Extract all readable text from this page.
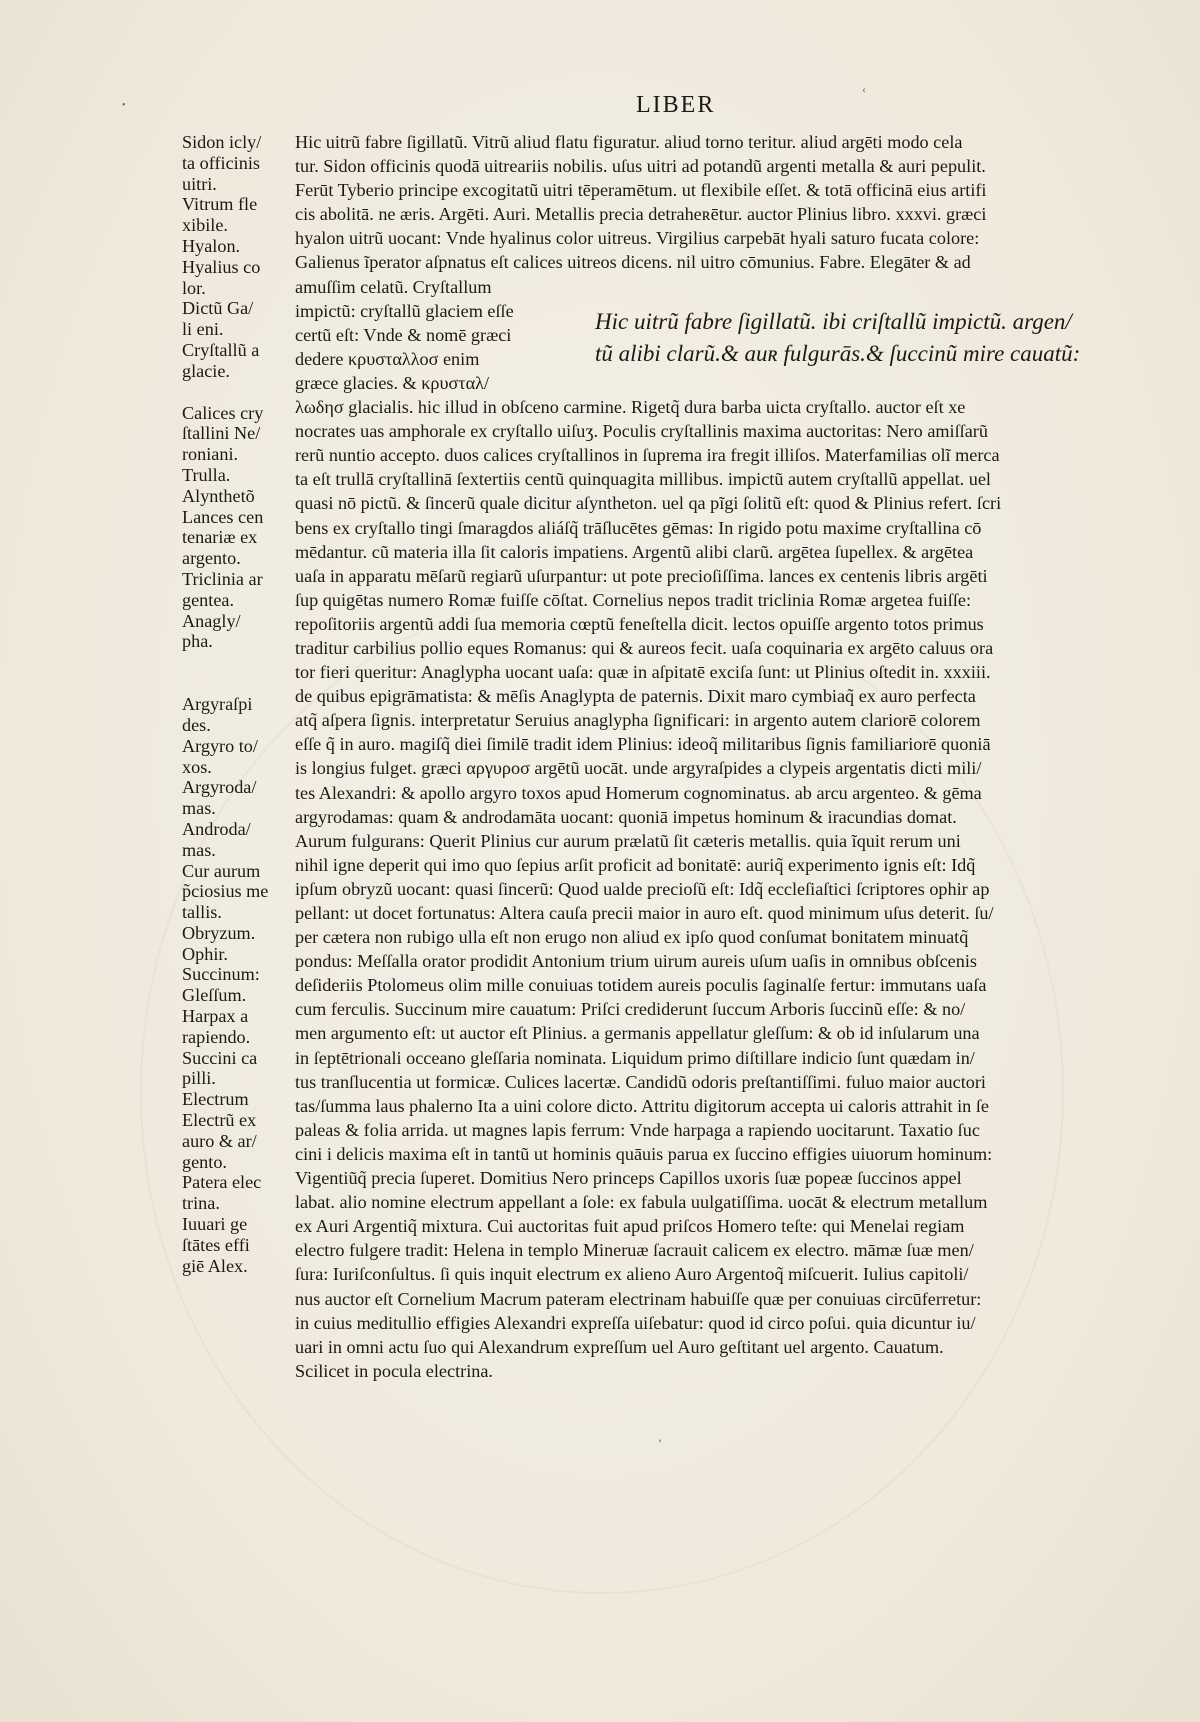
•
‹
LIBER
Sidon icly/
ta officinis
uitri.
Vitrum fle
xibile.
Hyalon.
Hyalius co
lor.
Dictũ Ga/
li eni.
Cryſtallũ a
glacie.
Calices cry
ſtallini Ne/
roniani.
Trulla.
Alynthetõ
Lances cen
tenariæ ex
argento.
Triclinia ar
gentea.
Anagly/
pha.
Argyraſpi
des.
Argyro to/
xos.
Argyroda/
mas.
Androda/
mas.
Cur aurum
p̃ciosius me
tallis.
Obryzum.
Ophir.
Succinum:
Gleſſum.
Harpax a
rapiendo.
Succini ca
pilli.
Electrum
Electrũ ex
auro & ar/
gento.
Patera elec
trina.
Iuuari ge
ſtātes effi
giē Alex.
Hic uitrũ fabre ſigillatũ. Vitrũ aliud flatu figuratur. aliud torno teritur. aliud argēti modo cela
tur. Sidon officinis quodā uitreariis nobilis. uſus uitri ad potandũ argenti metalla & auri pepulit.
Ferūt Tyberio principe excogitatũ uitri tēperamētum. ut flexibile eſſet. & totā officinā eius artifi
cis abolitā. ne æris. Argēti. Auri. Metallis precia detraheʀētur. auctor Plinius libro. xxxvi. græci
hyalon uitrũ uocant: Vnde hyalinus color uitreus. Virgilius carpebāt hyali saturo fucata colore:
Galienus ĩperator aſpnatus eſt calices uitreos dicens. nil uitro cōmunius. Fabre. Elegāter & ad
amuſſim celatũ. Cryſtallum
impictũ: cryſtallũ glaciem eſſe
certũ eſt: Vnde & nomē græci
dedere κρυσταλλοσ enim
græce glacies. & κρυσταλ/
λωδησ glacialis. hic illud in obſceno carmine. Rigetq̃ dura barba uicta cryſtallo. auctor eſt xe
nocrates uas amphorale ex cryſtallo uiſuʒ. Poculis cryſtallinis maxima auctoritas: Nero amiſſarũ
rerũ nuntio accepto. duos calices cryſtallinos in ſuprema ira fregit illiſos. Materfamilias olĩ merca
ta eſt trullā cryſtallinā ſextertiis centũ quinquagita millibus. impictũ autem cryſtallũ appellat. uel
quasi nō pictũ. & ſincerũ quale dicitur aſyntheton. uel qa pĩgi ſolitũ eſt: quod & Plinius refert. ſcri
bens ex cryſtallo tingi ſmaragdos aliáſq̃ trāſlucētes gēmas: In rigido potu maxime cryſtallina cō
mēdantur. cũ materia illa ſit caloris impatiens. Argentũ alibi clarũ. argētea ſupellex. & argētea
uaſa in apparatu mēſarũ regiarũ uſurpantur: ut pote precioſiſſima. lances ex centenis libris argēti
ſup quigētas numero Romæ fuiſſe cōſtat. Cornelius nepos tradit triclinia Romæ argetea fuiſſe:
repoſitoriis argentũ addi ſua memoria cœptũ feneſtella dicit. lectos opuiſſe argento totos primus
traditur carbilius pollio eques Romanus: qui & aureos fecit. uaſa coquinaria ex argēto caluus ora
tor fieri queritur: Anaglypha uocant uaſa: quæ in aſpitatē exciſa ſunt: ut Plinius oſtedit in. xxxiii.
de quibus epigrāmatista: & mēſis Anaglypta de paternis. Dixit maro cymbiaq̃ ex auro perfecta
atq̃ aſpera ſignis. interpretatur Seruius anaglypha ſignificari: in argento autem clariorē colorem
eſſe q̃ in auro. magiſq̃ diei ſimilē tradit idem Plinius: ideoq̃ militaribus ſignis familiariorē quoniā
is longius fulget. græci αργυροσ argētũ uocāt. unde argyraſpides a clypeis argentatis dicti mili/
tes Alexandri: & apollo argyro toxos apud Homerum cognominatus. ab arcu argenteo. & gēma
argyrodamas: quam & androdamāta uocant: quoniā impetus hominum & iracundias domat.
Aurum fulgurans: Querit Plinius cur aurum prælatũ ſit cæteris metallis. quia ĩquit rerum uni
nihil igne deperit qui imo quo ſepius arſit proficit ad bonitatē: auriq̃ experimento ignis eſt: Idq̃
ipſum obryzũ uocant: quasi ſincerũ: Quod ualde precioſũ eſt: Idq̃ eccleſiaſtici ſcriptores ophir ap
pellant: ut docet fortunatus: Altera cauſa precii maior in auro eſt. quod minimum uſus deterit. ſu/
per cætera non rubigo ulla eſt non erugo non aliud ex ipſo quod conſumat bonitatem minuatq̃
pondus: Meſſalla orator prodidit Antonium trium uirum aureis uſum uaſis in omnibus obſcenis
deſideriis Ptolomeus olim mille conuiuas totidem aureis poculis ſaginalſe fertur: immutans uaſa
cum ferculis. Succinum mire cauatum: Priſci crediderunt ſuccum Arboris ſuccinũ eſſe: & no/
men argumento eſt: ut auctor eſt Plinius. a germanis appellatur gleſſum: & ob id inſularum una
in ſeptētrionali occeano gleſſaria nominata. Liquidum primo diſtillare indicio ſunt quædam in/
tus tranſlucentia ut formicæ. Culices lacertæ. Candidũ odoris preſtantiſſimi. fuluo maior auctori
tas/ſumma laus phalerno Ita a uini colore dicto. Attritu digitorum accepta ui caloris attrahit in ſe
paleas & folia arrida. ut magnes lapis ferrum: Vnde harpaga a rapiendo uocitarunt. Taxatio ſuc
cini i delicis maxima eſt in tantũ ut hominis quāuis parua ex ſuccino effigies uiuorum hominum:
Vigentiũq̃ precia ſuperet. Domitius Nero princeps Capillos uxoris ſuæ popeæ ſuccinos appel
labat. alio nomine electrum appellant a ſole: ex fabula uulgatiſſima. uocāt & electrum metallum
ex Auri Argentiq̃ mixtura. Cui auctoritas fuit apud priſcos Homero teſte: qui Menelai regiam
electro fulgere tradit: Helena in templo Mineruæ ſacrauit calicem ex electro. māmæ ſuæ men/
ſura: Iuriſconſultus. ſi quis inquit electrum ex alieno Auro Argentoq̃ miſcuerit. Iulius capitoli/
nus auctor eſt Cornelium Macrum pateram electrinam habuiſſe quæ per conuiuas circūferretur:
in cuius meditullio effigies Alexandri expreſſa uiſebatur: quod id circo poſui. quia dicuntur iu/
uari in omni actu ſuo qui Alexandrum expreſſum uel Auro geſtitant uel argento. Cauatum.
Scilicet in pocula electrina.
Hic uitrũ fabre ſigillatũ. ibi criſtallũ impictũ. argen/
tũ alibi clarũ.& auʀ fulgurās.& ſuccinũ mire cauatũ:
’
